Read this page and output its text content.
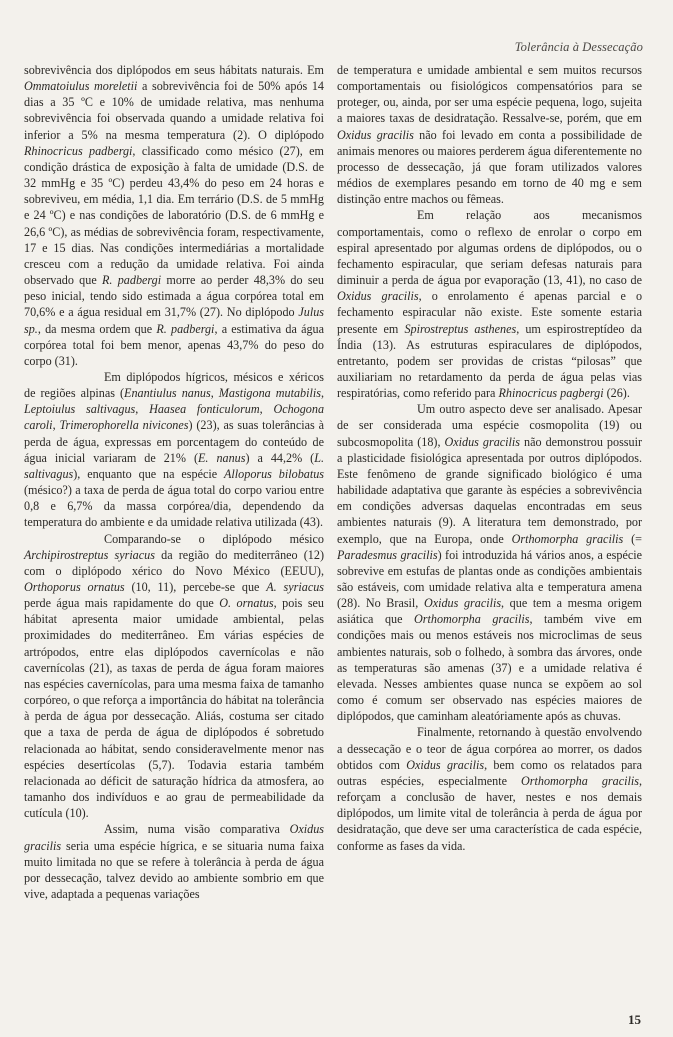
Tolerância à Dessecação

sobrevivência dos diplópodos em seus hábitats naturais. Em Ommatoiulus moreletii a sobrevivência foi de 50% após 14 dias a 35 ºC e 10% de umidade relativa, mas nenhuma sobrevivência foi observada quando a umidade relativa foi inferior a 5% na mesma temperatura (2). O diplópodo Rhinocricus padbergi, classificado como mésico (27), em condição drástica de exposição à falta de umidade (D.S. de 32 mmHg e 35 ºC) perdeu 43,4% do peso em 24 horas e sobreviveu, em média, 1,1 dia. Em terrário (D.S. de 5 mmHg e 24 ºC) e nas condições de laboratório (D.S. de 6 mmHg e 26,6 ºC), as médias de sobrevivência foram, respectivamente, 17 e 15 dias. Nas condições intermediárias a mortalidade cresceu com a redução da umidade relativa. Foi ainda observado que R. padbergi morre ao perder 48,3% do seu peso inicial, tendo sido estimada a água corpórea total em 70,6% e a água residual em 31,7% (27). No diplópodo Julus sp., da mesma ordem que R. padbergi, a estimativa da água corpórea total foi bem menor, apenas 43,7% do peso do corpo (31).

Em diplópodos hígricos, mésicos e xéricos de regiões alpinas (Enantiulus nanus, Mastigona mutabilis, Leptoiulus saltivagus, Haasea fonticulorum, Ochogona caroli, Trimerophorella nivicones) (23), as suas tolerâncias à perda de água, expressas em porcentagem do conteúdo de água inicial variaram de 21% (E. nanus) a 44,2% (L. saltivagus), enquanto que na espécie Alloporus bilobatus (mésico?) a taxa de perda de água total do corpo variou entre 0,8 e 6,7% da massa corpórea/dia, dependendo da temperatura do ambiente e da umidade relativa utilizada (43).

Comparando-se o diplópodo mésico Archipirostreptus syriacus da região do mediterrâneo (12) com o diplópodo xérico do Novo México (EEUU), Orthoporus ornatus (10, 11), percebe-se que A. syriacus perde água mais rapidamente do que O. ornatus, pois seu hábitat apresenta maior umidade ambiental, pelas proximidades do mediterrâneo. Em várias espécies de artrópodos, entre elas diplópodos cavernícolas e não cavernícolas (21), as taxas de perda de água foram maiores nas espécies cavernícolas, para uma mesma faixa de tamanho corpóreo, o que reforça a importância do hábitat na tolerância à perda de água por dessecação. Aliás, costuma ser citado que a taxa de perda de água de diplópodos é sobretudo relacionada ao hábitat, sendo consideravelmente menor nas espécies desertícolas (5,7). Todavia estaria também relacionada ao déficit de saturação hídrica da atmosfera, ao tamanho dos indivíduos e ao grau de permeabilidade da cutícula (10).

Assim, numa visão comparativa Oxidus gracilis seria uma espécie hígrica, e se situaria numa faixa muito limitada no que se refere à tolerância à perda de água por dessecação, talvez devido ao ambiente sombrio em que vive, adaptada a pequenas variações

de temperatura e umidade ambiental e sem muitos recursos comportamentais ou fisiológicos compensatórios para se proteger, ou, ainda, por ser uma espécie pequena, logo, sujeita a maiores taxas de desidratação. Ressalve-se, porém, que em Oxidus gracilis não foi levado em conta a possibilidade de animais menores ou maiores perderem água diferentemente no processo de dessecação, já que foram utilizados valores médios de exemplares pesando em torno de 40 mg e sem distinção entre machos ou fêmeas.

Em relação aos mecanismos comportamentais, como o reflexo de enrolar o corpo em espiral apresentado por algumas ordens de diplópodos, ou o fechamento espiracular, que seriam defesas naturais para diminuir a perda de água por evaporação (13, 41), no caso de Oxidus gracilis, o enrolamento é apenas parcial e o fechamento espiracular não existe. Este somente estaria presente em Spirostreptus asthenes, um espirostreptídeo da Índia (13). As estruturas espiraculares de diplópodos, entretanto, podem ser providas de cristas “pilosas” que auxiliariam no retardamento da perda de água pelas vias respiratórias, como referido para Rhinocricus pagbergi (26).

Um outro aspecto deve ser analisado. Apesar de ser considerada uma espécie cosmopolita (19) ou subcosmopolita (18), Oxidus gracilis não demonstrou possuir a plasticidade fisiológica apresentada por outros diplópodos. Este fenômeno de grande significado biológico é uma habilidade adaptativa que garante às espécies a sobrevivência em condições adversas daquelas encontradas em seus ambientes naturais (9). A literatura tem demonstrado, por exemplo, que na Europa, onde Orthomorpha gracilis (= Paradesmus gracilis) foi introduzida há vários anos, a espécie sobrevive em estufas de plantas onde as condições ambientais são estáveis, com umidade relativa alta e temperatura amena (28). No Brasil, Oxidus gracilis, que tem a mesma origem asiática que Orthomorpha gracilis, também vive em condições mais ou menos estáveis nos microclimas de seus ambientes naturais, sob o folhedo, à sombra das árvores, onde as temperaturas são amenas (37) e a umidade relativa é elevada. Nesses ambientes quase nunca se expõem ao sol como é comum ser observado nas espécies maiores de diplópodos, que caminham aleatóriamente após as chuvas.

Finalmente, retornando à questão envolvendo a dessecação e o teor de água corpórea ao morrer, os dados obtidos com Oxidus gracilis, bem como os relatados para outras espécies, especialmente Orthomorpha gracilis, reforçam a conclusão de haver, nestes e nos demais diplópodos, um limite vital de tolerância à perda de água por desidratação, que deve ser uma característica de cada espécie, conforme as fases da vida.

15
